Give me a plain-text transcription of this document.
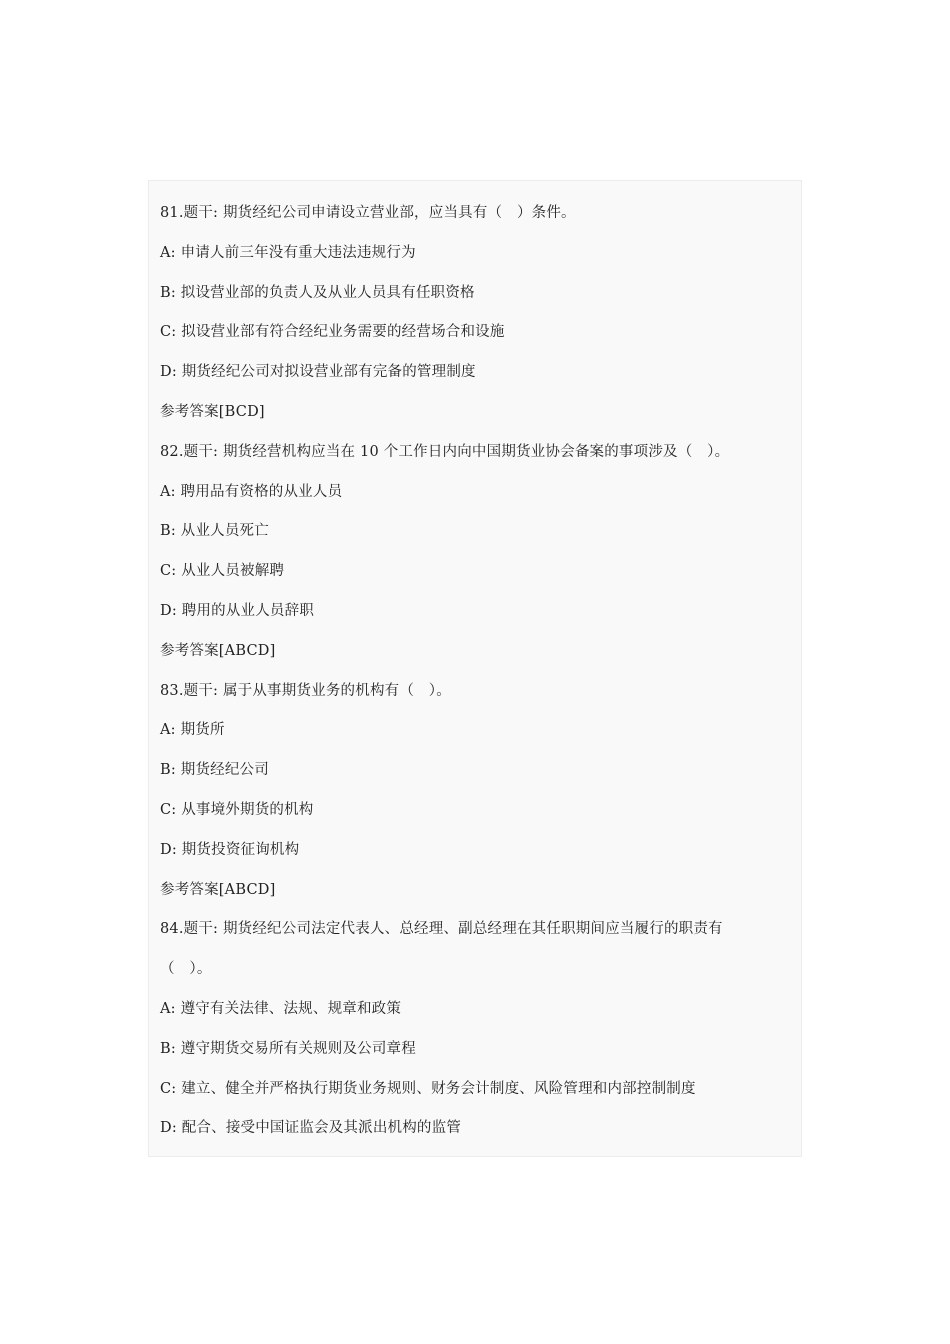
81.题干: 期货经纪公司申请设立营业部，应当具有（　）条件。
A: 申请人前三年没有重大违法违规行为
B: 拟设营业部的负责人及从业人员具有任职资格
C: 拟设营业部有符合经纪业务需要的经营场合和设施
D: 期货经纪公司对拟设营业部有完备的管理制度
参考答案[BCD]
82.题干: 期货经营机构应当在 10 个工作日内向中国期货业协会备案的事项涉及（　）。
A: 聘用品有资格的从业人员
B: 从业人员死亡
C: 从业人员被解聘
D: 聘用的从业人员辞职
参考答案[ABCD]
83.题干: 属于从事期货业务的机构有（　）。
A: 期货所
B: 期货经纪公司
C: 从事境外期货的机构
D: 期货投资征询机构
参考答案[ABCD]
84.题干: 期货经纪公司法定代表人、总经理、副总经理在其任职期间应当履行的职责有
（　）。
A: 遵守有关法律、法规、规章和政策
B: 遵守期货交易所有关规则及公司章程
C: 建立、健全并严格执行期货业务规则、财务会计制度、风险管理和内部控制制度
D: 配合、接受中国证监会及其派出机构的监管
